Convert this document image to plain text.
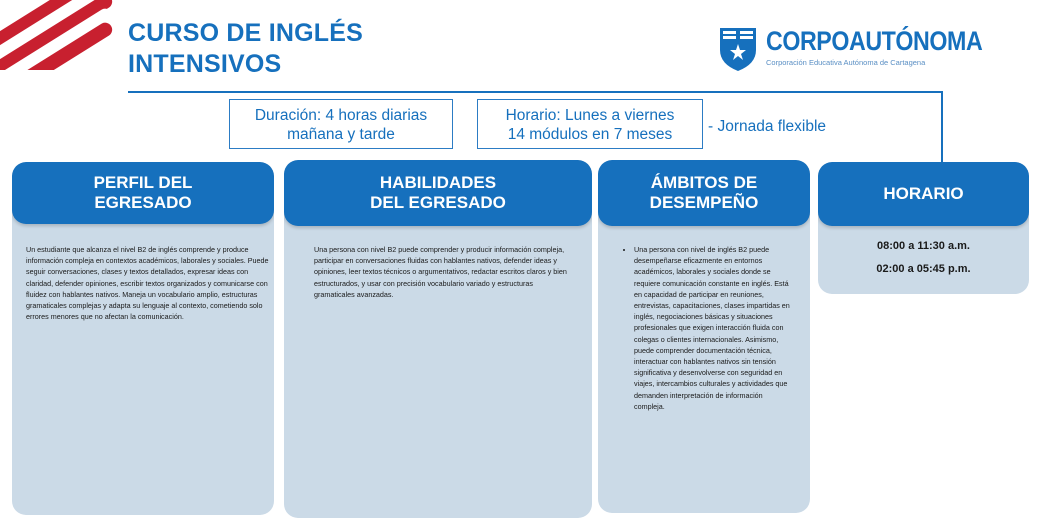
CURSO DE INGLÉS
INTENSIVOS
CORPOAUTÓNOMA
Corporación Educativa Autónoma de Cartagena
Duración: 4 horas diarias
mañana y tarde
Horario: Lunes a viernes
14 módulos en 7 meses	- Jornada flexible
PERFIL DEL
EGRESADO
Un estudiante que alcanza el nivel B2 de inglés comprende y produce información compleja en contextos académicos, laborales y sociales. Puede seguir conversaciones, clases y textos detallados, expresar ideas con claridad, defender opiniones, escribir textos organizados y comunicarse con fluidez con hablantes nativos. Maneja un vocabulario amplio, estructuras gramaticales complejas y adapta su lenguaje al contexto, cometiendo solo errores menores que no afectan la comunicación.
HABILIDADES
DEL EGRESADO
Una persona con nivel B2 puede comprender y producir información compleja, participar en conversaciones fluidas con hablantes nativos, defender ideas y opiniones, leer textos técnicos o argumentativos, redactar escritos claros y bien estructurados, y usar con precisión vocabulario variado y estructuras gramaticales avanzadas.
ÁMBITOS DE
DESEMPEÑO
• Una persona con nivel de inglés B2 puede desempeñarse eficazmente en entornos académicos, laborales y sociales donde se requiere comunicación constante en inglés. Está en capacidad de participar en reuniones, entrevistas, capacitaciones, clases impartidas en inglés, negociaciones básicas y situaciones profesionales que exigen interacción fluida con colegas o clientes internacionales. Asimismo, puede comprender documentación técnica, interactuar con hablantes nativos sin tensión significativa y desenvolverse con seguridad en viajes, intercambios culturales y actividades que demanden interpretación de información compleja.
HORARIO

08:00 a 11:30 a.m.

02:00 a 05:45 p.m.
